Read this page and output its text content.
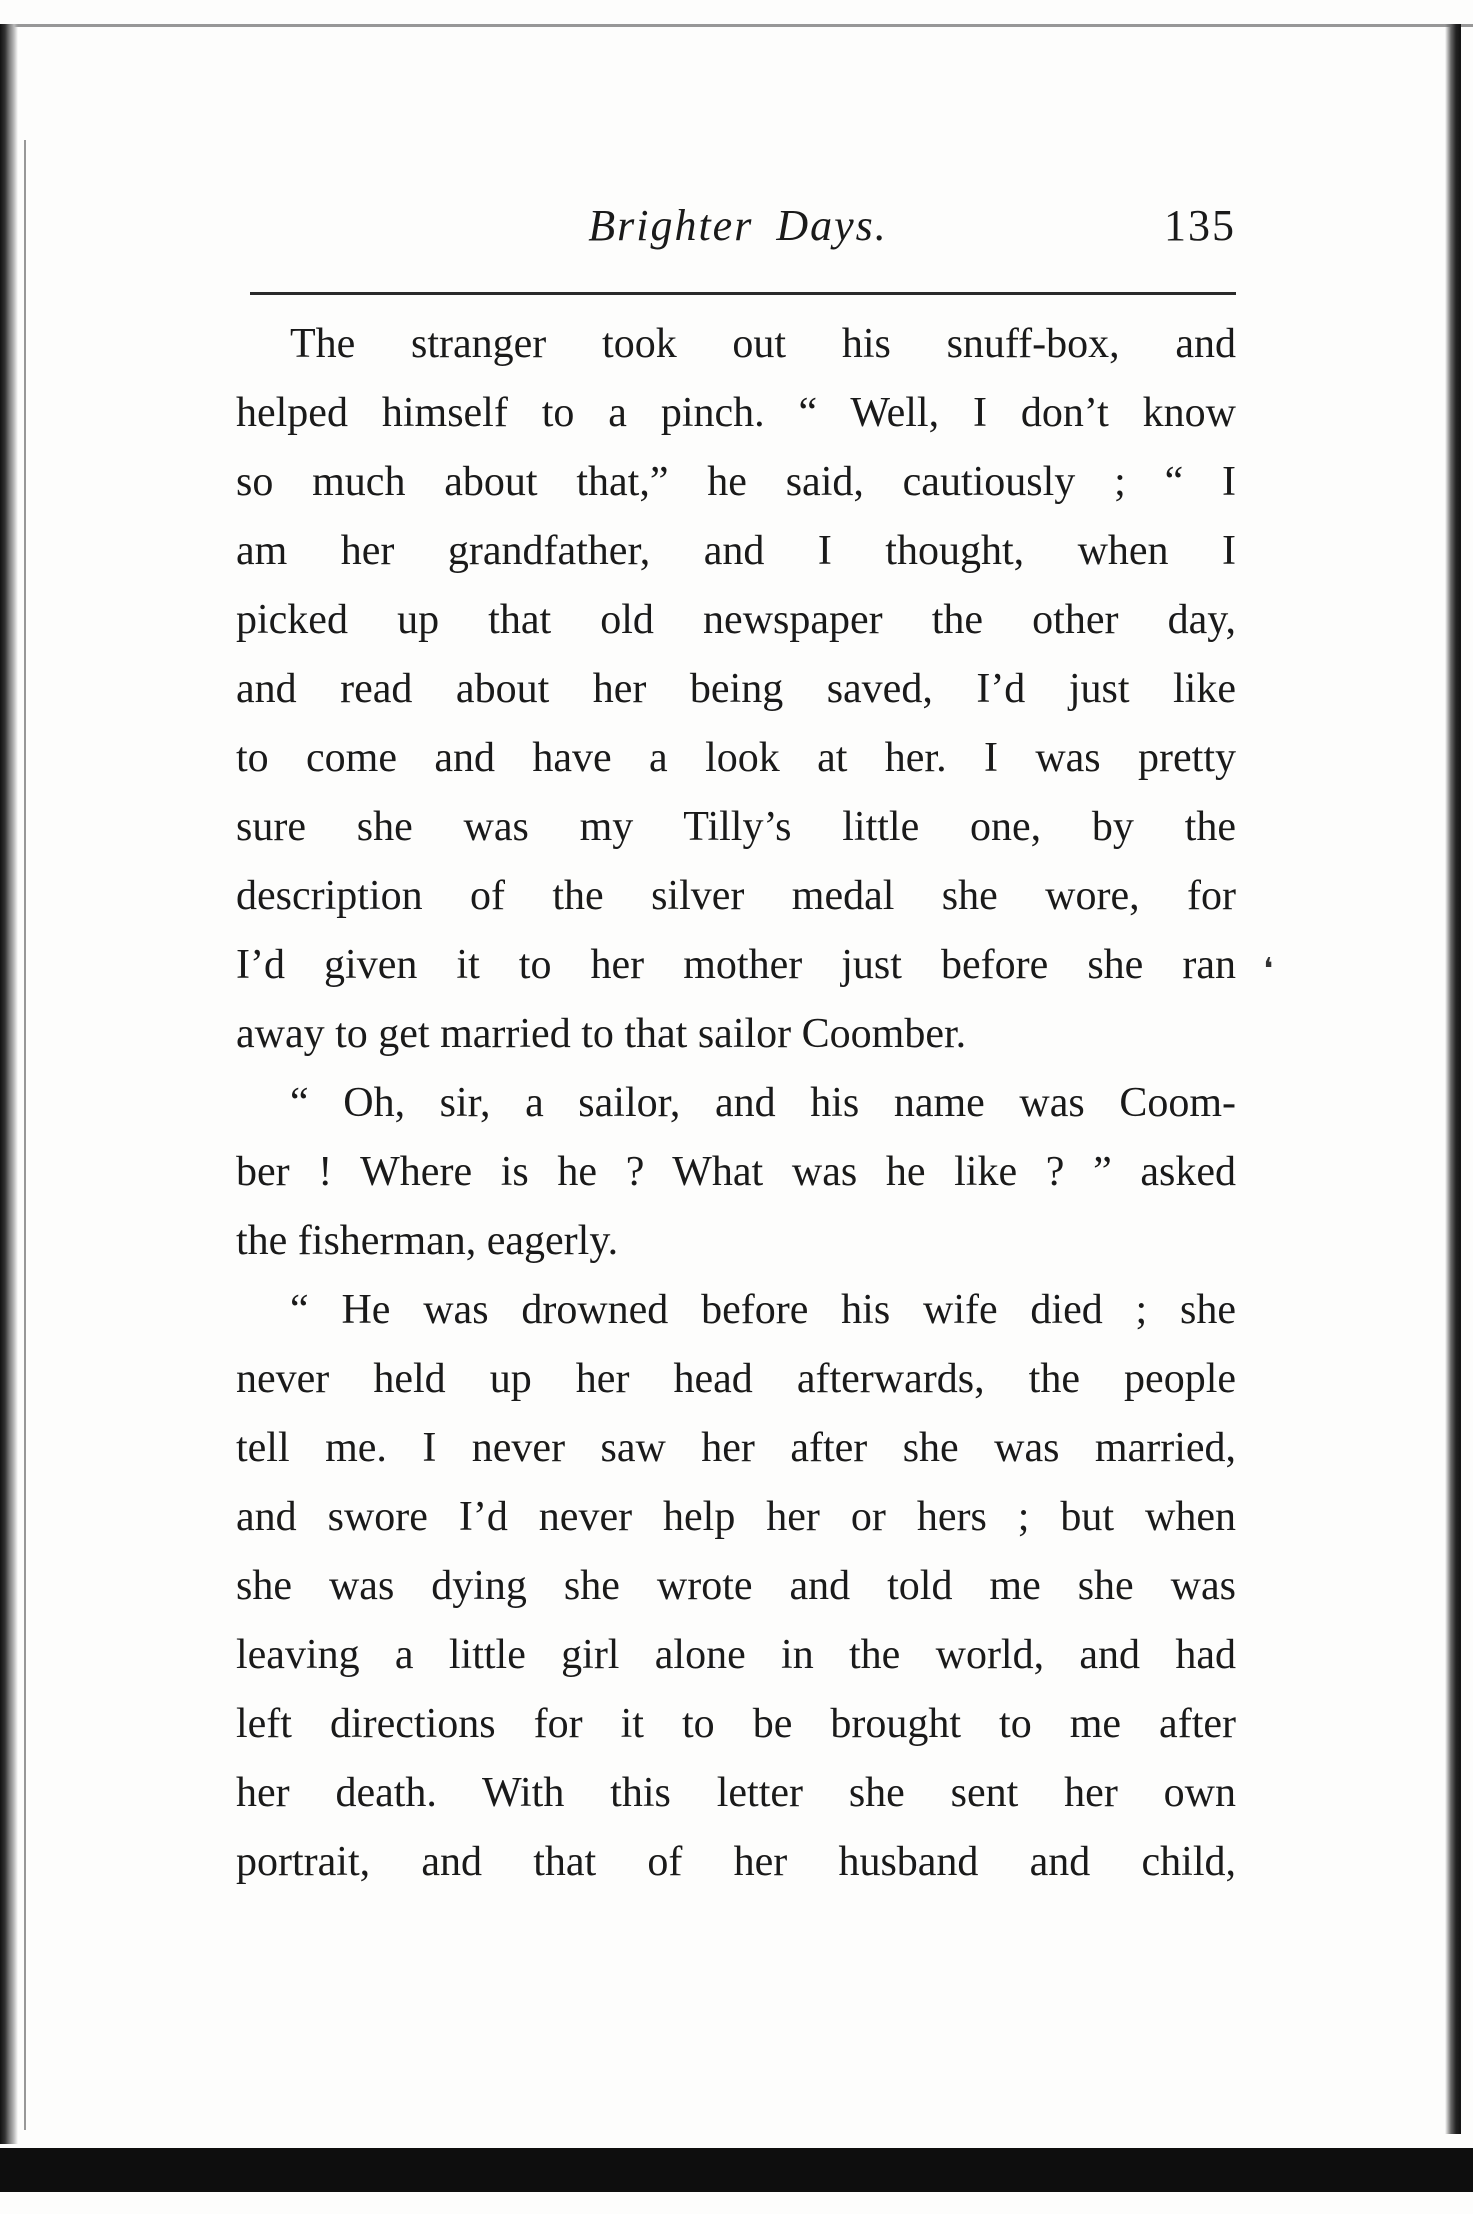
❛
Brighter Days.	135
The stranger took out his snuff-box, and
helped himself to a pinch. “ Well, I don’t know
so much about that,” he said, cautiously ; “ I
am her grandfather, and I thought, when I
picked up that old newspaper the other day,
and read about her being saved, I’d just like
to come and have a look at her. I was pretty
sure she was my Tilly’s little one, by the
description of the silver medal she wore, for
I’d given it to her mother just before she ran
away to get married to that sailor Coomber.
“ Oh, sir, a sailor, and his name was Coom-
ber ! Where is he ? What was he like ? ” asked
the fisherman, eagerly.
“ He was drowned before his wife died ; she
never held up her head afterwards, the people
tell me. I never saw her after she was married,
and swore I’d never help her or hers ; but when
she was dying she wrote and told me she was
leaving a little girl alone in the world, and had
left directions for it to be brought to me after
her death. With this letter she sent her own
portrait, and that of her husband and child,
